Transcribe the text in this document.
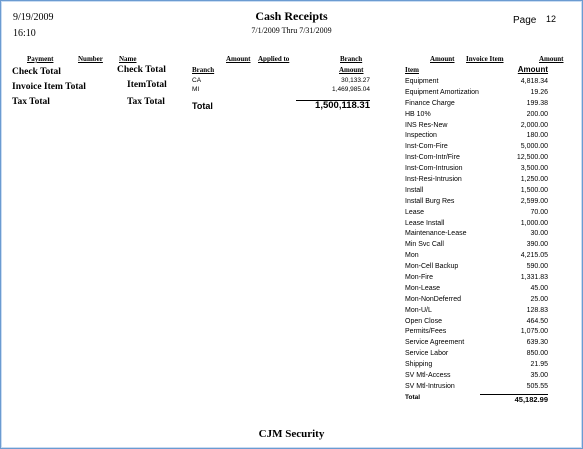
9/19/2009
16:10
Cash Receipts
7/1/2009 Thru 7/31/2009
Page 12
Payment	Number Name
Check Total	Check Total
Invoice Item Total	ItemTotal
Tax Total	Tax Total
Amount Applied to	Branch
Branch	Amount
CA	30,133.27
MI	1,469,985.04
Total	1,500,118.31
Amount Invoice Item	Amount
Item	Amount
Equipment	4,818.34
Equipment Amortization	19.26
Finance Charge	199.38
HB 10%	200.00
INS Res-New	2,000.00
Inspection	180.00
Inst-Com-Fire	5,000.00
Inst-Com-Intr/Fire	12,500.00
Inst-Com-Intrusion	3,500.00
Inst-Resi-Intrusion	1,250.00
Install	1,500.00
Install Burg Res	2,599.00
Lease	70.00
Lease Install	1,000.00
Maintenance-Lease	30.00
Min Svc Call	390.00
Mon	4,215.05
Mon-Cell Backup	590.00
Mon-Fire	1,331.83
Mon-Lease	45.00
Mon-NonDeferred	25.00
Mon-U/L	128.83
Open Close	464.50
Permits/Fees	1,075.00
Service Agreement	639.30
Service Labor	850.00
Shipping	21.95
SV Mtl-Access	35.00
SV Mtl-Intrusion	505.55
Total	45,182.99
CJM Security
